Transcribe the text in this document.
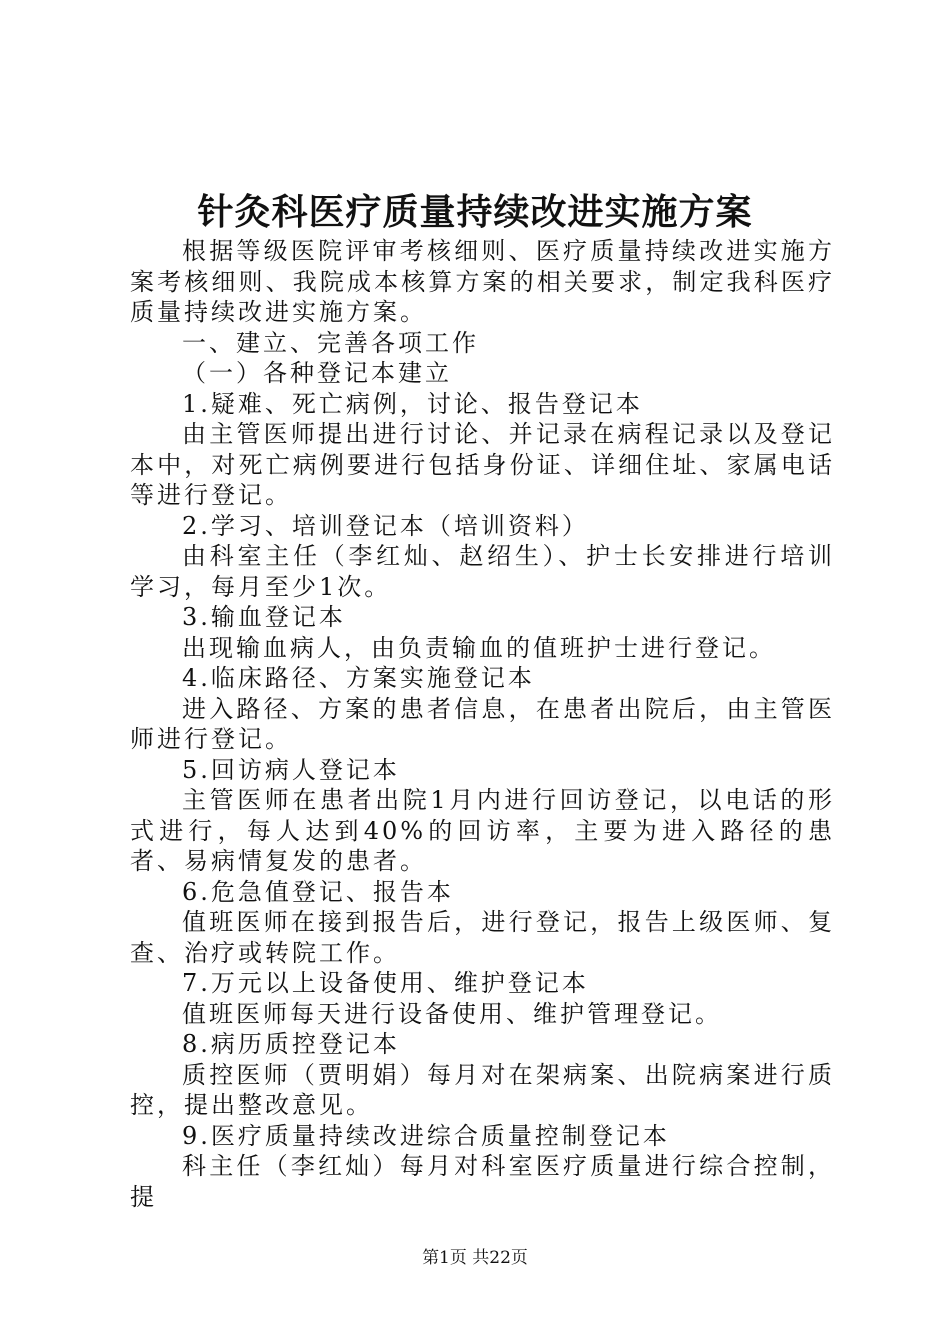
针灸科医疗质量持续改进实施方案

根据等级医院评审考核细则、医疗质量持续改进实施方案考核细则、我院成本核算方案的相关要求，制定我科医疗质量持续改进实施方案。

一、建立、完善各项工作

（一）各种登记本建立

1.疑难、死亡病例，讨论、报告登记本

由主管医师提出进行讨论、并记录在病程记录以及登记本中，对死亡病例要进行包括身份证、详细住址、家属电话等进行登记。

2.学习、培训登记本（培训资料）

由科室主任（李红灿、赵绍生）、护士长安排进行培训学习，每月至少1次。

3.输血登记本

出现输血病人，由负责输血的值班护士进行登记。

4.临床路径、方案实施登记本

进入路径、方案的患者信息，在患者出院后，由主管医师进行登记。

5.回访病人登记本

主管医师在患者出院1月内进行回访登记，以电话的形式进行，每人达到40%的回访率，主要为进入路径的患者、易病情复发的患者。

6.危急值登记、报告本

值班医师在接到报告后，进行登记，报告上级医师、复查、治疗或转院工作。

7.万元以上设备使用、维护登记本

值班医师每天进行设备使用、维护管理登记。

8.病历质控登记本

质控医师（贾明娟）每月对在架病案、出院病案进行质控，提出整改意见。

9.医疗质量持续改进综合质量控制登记本

科主任（李红灿）每月对科室医疗质量进行综合控制，提

第1页 共22页
